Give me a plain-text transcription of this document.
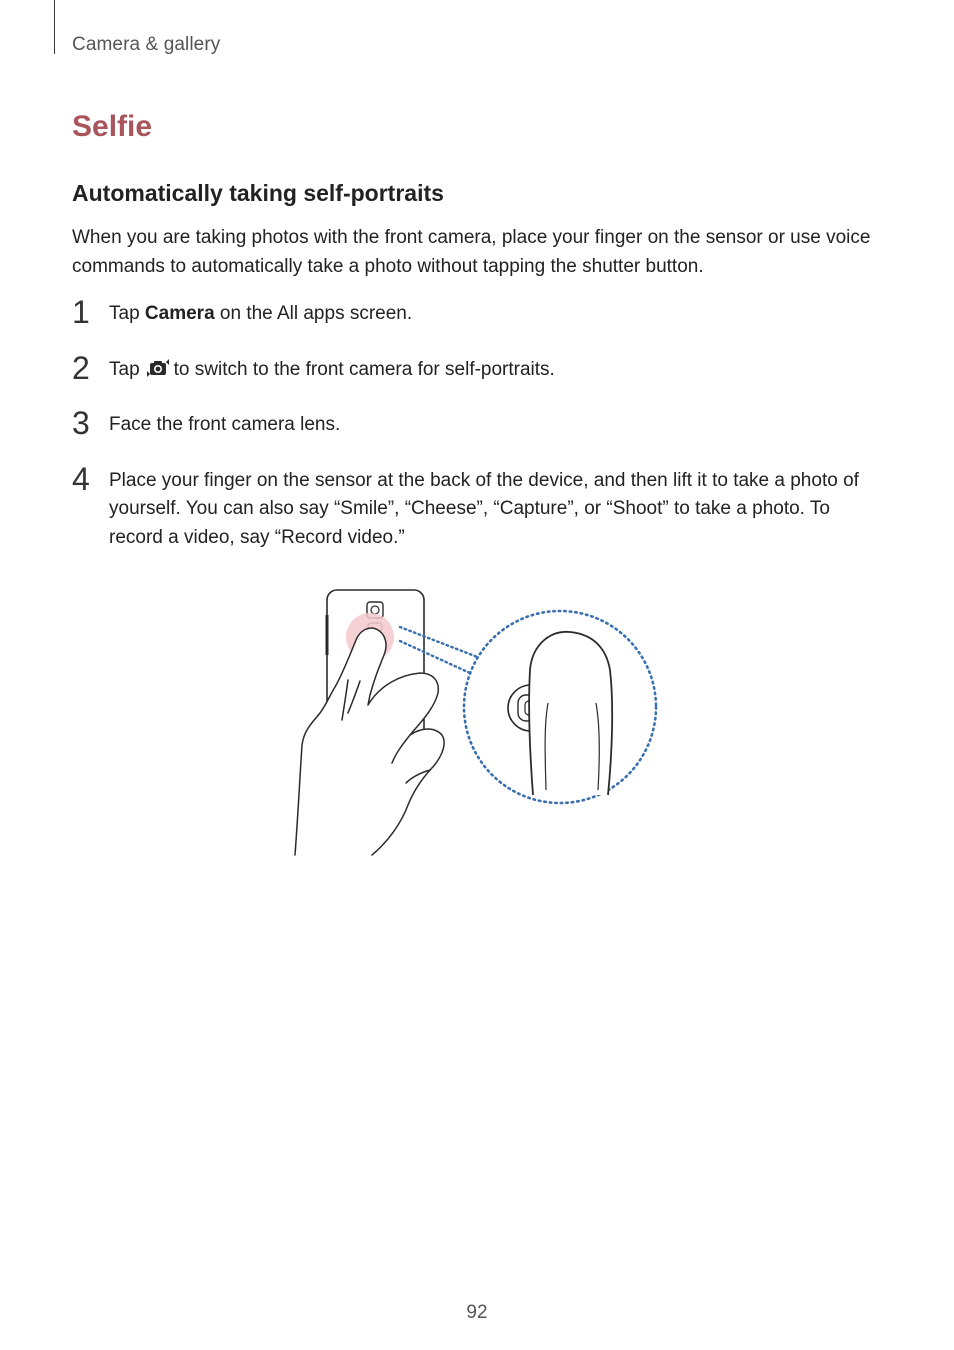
Camera & gallery
Selfie
Automatically taking self-portraits

When you are taking photos with the front camera, place your finger on the sensor or use voice commands to automatically take a photo without tapping the shutter button.

1 Tap Camera on the All apps screen.
2 Tap to switch to the front camera for self-portraits.
3 Face the front camera lens.
4 Place your finger on the sensor at the back of the device, and then lift it to take a photo of yourself. You can also say “Smile”, “Cheese”, “Capture”, or “Shoot” to take a photo. To record a video, say “Record video.”
92
